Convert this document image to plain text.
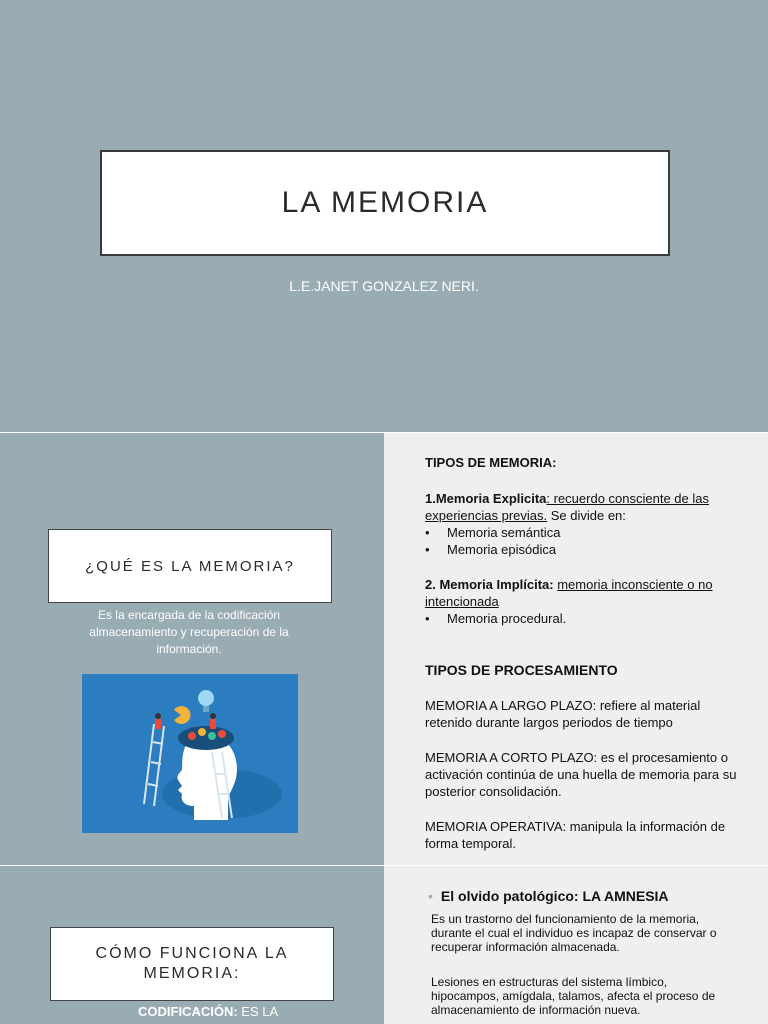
LA MEMORIA
L.E.JANET GONZALEZ NERI.
¿QUÉ ES LA MEMORIA?
Es la encargada de la codificación almacenamiento y recuperación de la información.
TIPOS DE MEMORIA:
1.Memoria Explicita: recuerdo consciente de las experiencias previas. Se divide en:
• Memoria semántica
• Memoria episódica
2. Memoria Implícita: memoria inconsciente o no intencionada
• Memoria procedural.
TIPOS DE PROCESAMIENTO
MEMORIA A LARGO PLAZO: refiere al material retenido durante largos periodos de tiempo
MEMORIA A CORTO PLAZO: es el procesamiento o activación continúa de una huella de memoria para su posterior consolidación.
MEMORIA OPERATIVA: manipula la información de forma temporal.
CÓMO FUNCIONA LA MEMORIA:
CODIFICACIÓN: ES LA
• El olvido patológico: LA AMNESIA
Es un trastorno del funcionamiento de la memoria, durante el cual el individuo es incapaz de conservar o recuperar información almacenada.
Lesiones en estructuras del sistema límbico, hipocampos, amígdala, talamos, afecta el proceso de almacenamiento de información nueva.
